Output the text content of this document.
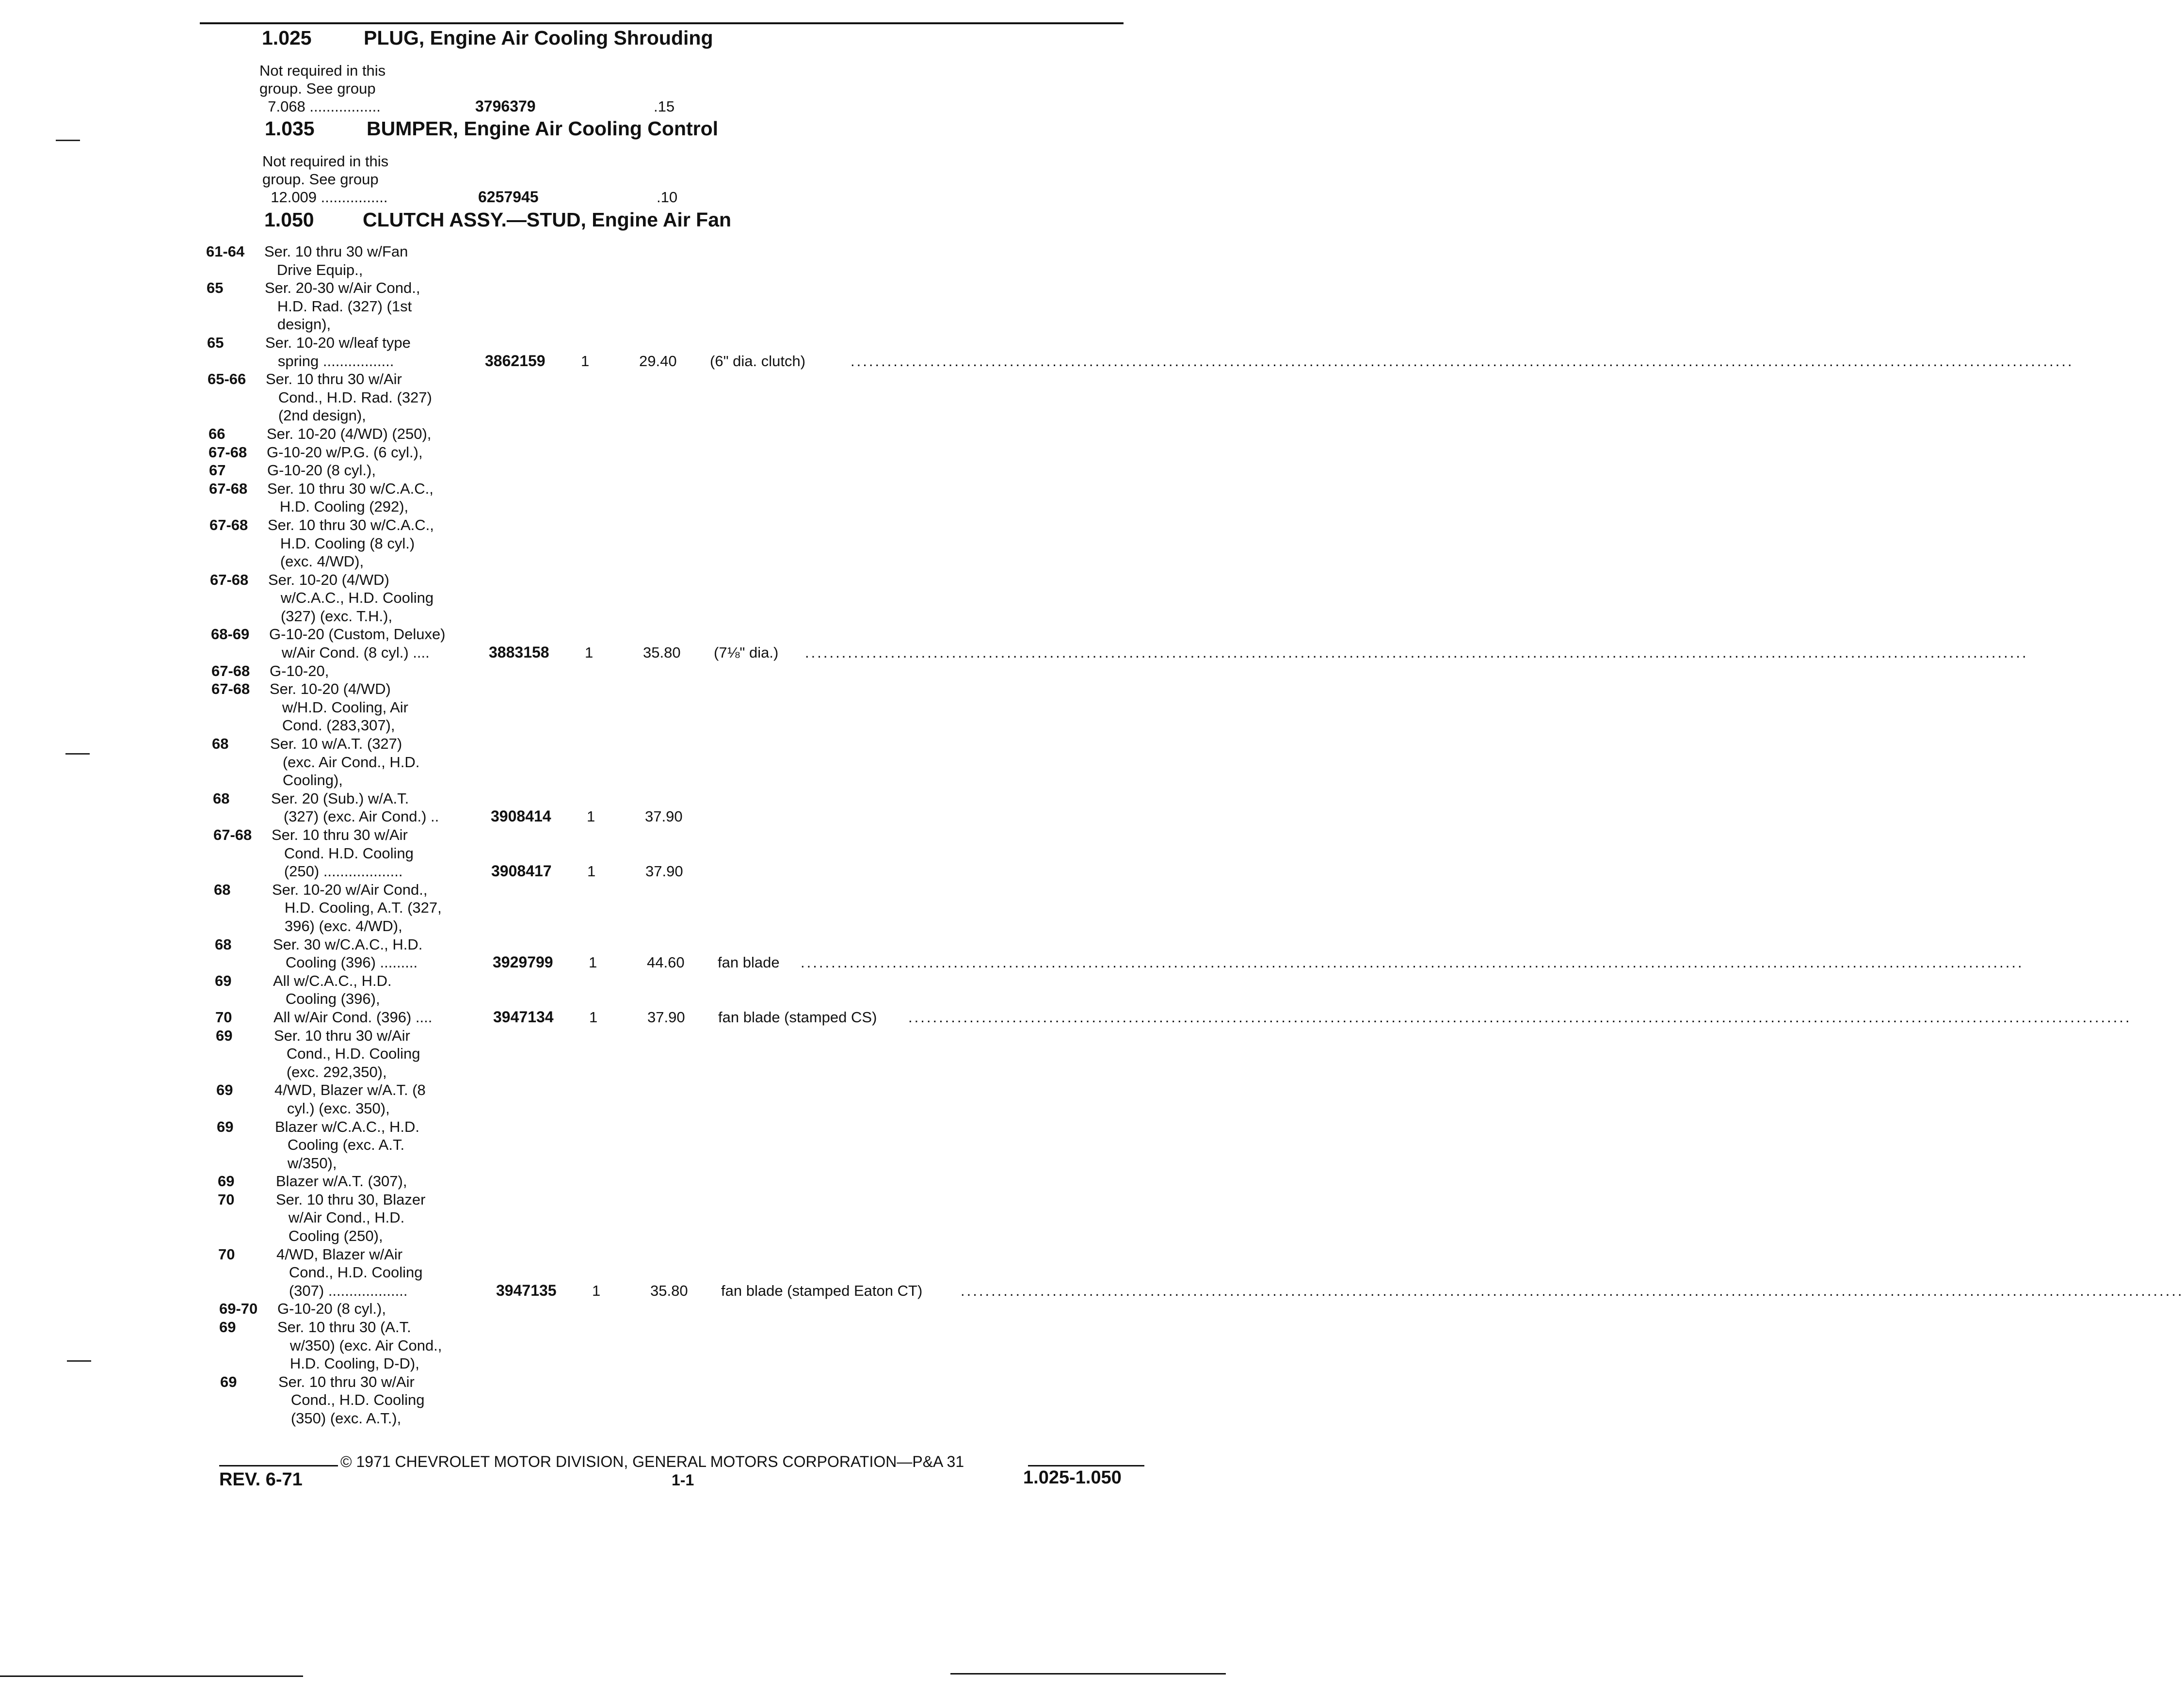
1.025	PLUG, Engine Air Cooling Shrouding
Not required in this
group. See group
7.068 .................	3796379	.15
1.035	BUMPER, Engine Air Cooling Control
Not required in this
group. See group
12.009 ................	6257945	.10
1.050 CLUTCH ASSY.—STUD, Engine Air Fan
61-64 Ser. 10 thru 30 w/Fan
Drive Equip.,
65	Ser. 20-30 w/Air Cond.,
H.D. Rad. (327) (1st
design),
65	Ser. 10-20 w/leaf type
spring .................	3862159 1	29.40 (6" dia. clutch)	........................................................................................................................................................................................................
65-66 Ser. 10 thru 30 w/Air
Cond., H.D. Rad. (327)
(2nd design),
66	Ser. 10-20 (4/WD) (250),
67-68 G-10-20 w/P.G. (6 cyl.),
67	G-10-20 (8 cyl.),
67-68 Ser. 10 thru 30 w/C.A.C.,
H.D. Cooling (292),
67-68 Ser. 10 thru 30 w/C.A.C.,
H.D. Cooling (8 cyl.)
(exc. 4/WD),
67-68 Ser. 10-20 (4/WD)
w/C.A.C., H.D. Cooling
(327) (exc. T.H.),
68-69 G-10-20 (Custom, Deluxe)
w/Air Cond. (8 cyl.) ....	3883158 1	35.80 (7⅛" dia.) ........................................................................................................................................................................................................
67-68 G-10-20,
67-68 Ser. 10-20 (4/WD)
w/H.D. Cooling, Air
Cond. (283,307),
68	Ser. 10 w/A.T. (327)
(exc. Air Cond., H.D.
Cooling),
68	Ser. 20 (Sub.) w/A.T.
(327) (exc. Air Cond.) ..	3908414 1	37.90
67-68 Ser. 10 thru 30 w/Air
Cond. H.D. Cooling
(250) ...................	3908417 1	37.90
68	Ser. 10-20 w/Air Cond.,
H.D. Cooling, A.T. (327,
396) (exc. 4/WD),
68	Ser. 30 w/C.A.C., H.D.
Cooling (396) .........	3929799 1	44.60 fan blade ........................................................................................................................................................................................................
69	All w/C.A.C., H.D.
Cooling (396),
70	All w/Air Cond. (396) ....	3947134 1	37.90 fan blade (stamped CS) ........................................................................................................................................................................................................
69	Ser. 10 thru 30 w/Air
Cond., H.D. Cooling
(exc. 292,350),
69	4/WD, Blazer w/A.T. (8
cyl.) (exc. 350),
69	Blazer w/C.A.C., H.D.
Cooling (exc. A.T.
w/350),
69	Blazer w/A.T. (307),
70	Ser. 10 thru 30, Blazer
w/Air Cond., H.D.
Cooling (250),
70	4/WD, Blazer w/Air
Cond., H.D. Cooling
(307) ...................	3947135 1	35.80 fan blade (stamped Eaton CT)	........................................................................................................................................................................................................
69-70 G-10-20 (8 cyl.),
69	Ser. 10 thru 30 (A.T.
w/350) (exc. Air Cond.,
H.D. Cooling, D-D),
69	Ser. 10 thru 30 w/Air
Cond., H.D. Cooling
(350) (exc. A.T.),
© 1971 CHEVROLET MOTOR DIVISION, GENERAL MOTORS CORPORATION—P&A 31
REV. 6-71	1-1	1.025-1.050
